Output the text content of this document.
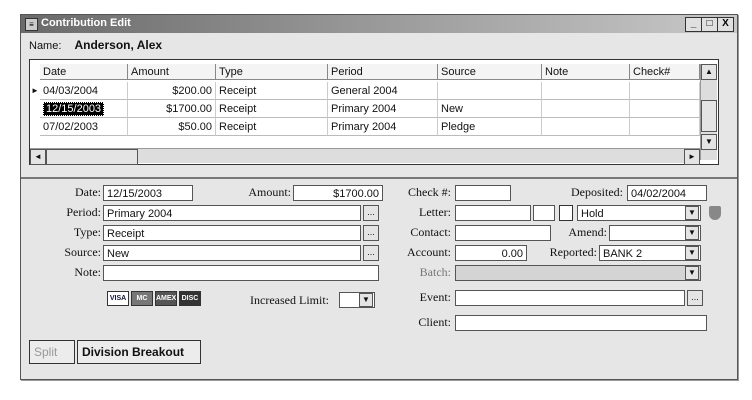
≡ Contribution Edit	_	□ X
Name: Anderson, Alex
Date	Amount	Type	Period	Source	Note	Check#
04/03/2004	$200.00 Receipt	General 2004
►
12/15/2003	$1700.00 Receipt	Primary 2004	New
07/02/2003	$50.00 Receipt	Primary 2004	Pledge
▲
▼
◄	►
Date: 12/15/2003	Amount:	$1700.00
Period: Primary 2004	...
Type: Receipt	...
Source: New	...
Note:
VISA	MC	AMEX DISC	Increased Limit:	▼
Check #:	Deposited: 04/02/2004
Letter:	Hold	▼
Contact:	Amend:	▼
Account:	0.00	Reported: BANK 2	▼
Batch:	▼
Event:	...
Client:
Split	Division Breakout
